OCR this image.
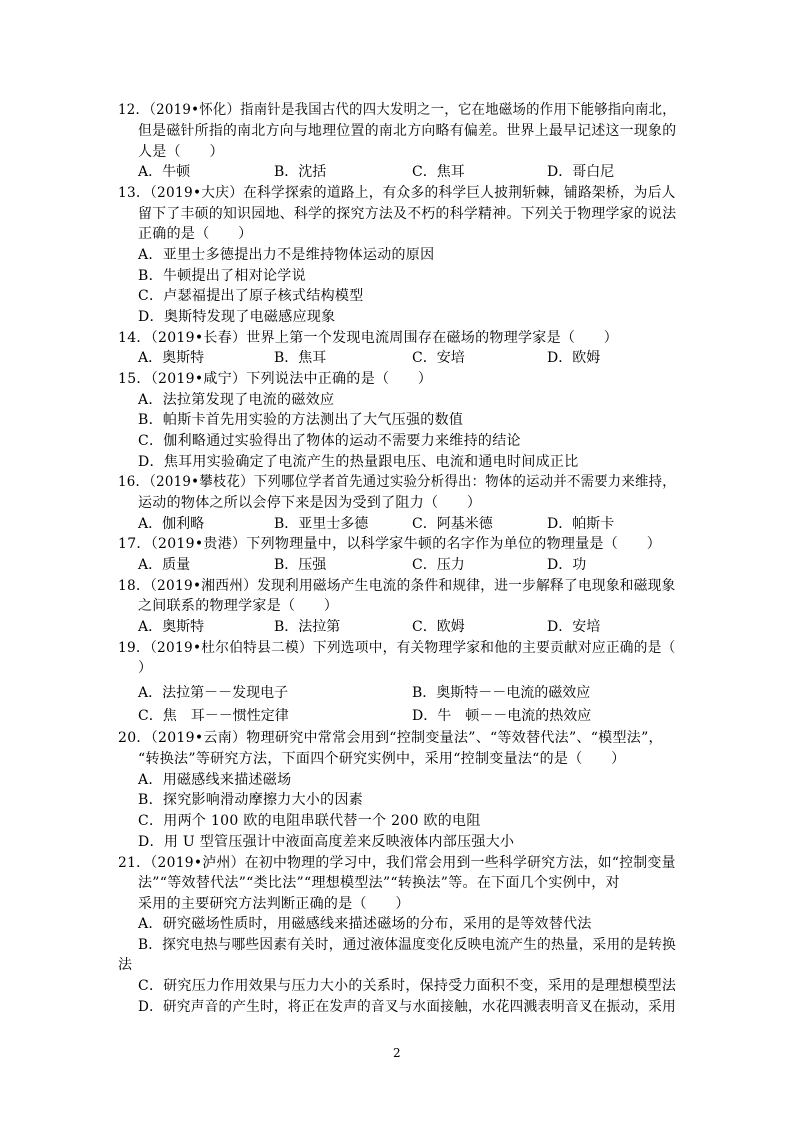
12．（2019•怀化）指南针是我国古代的四大发明之一，它在地磁场的作用下能够指向南北，
但是磁针所指的南北方向与地理位置的南北方向略有偏差。世界上最早记述这一现象的
人是（　　）
A．牛顿	B．沈括	C．焦耳	D．哥白尼
13．（2019•大庆）在科学探索的道路上，有众多的科学巨人披荆斩棘，铺路架桥，为后人
留下了丰硕的知识园地、科学的探究方法及不朽的科学精神。下列关于物理学家的说法
正确的是（　　）
A．亚里士多德提出力不是维持物体运动的原因
B．牛顿提出了相对论学说
C．卢瑟福提出了原子核式结构模型
D．奥斯特发现了电磁感应现象
14．（2019•长春）世界上第一个发现电流周围存在磁场的物理学家是（　　）
A．奥斯特	B．焦耳	C．安培	D．欧姆
15．（2019•咸宁）下列说法中正确的是（　　）
A．法拉第发现了电流的磁效应
B．帕斯卡首先用实验的方法测出了大气压强的数值
C．伽利略通过实验得出了物体的运动不需要力来维持的结论
D．焦耳用实验确定了电流产生的热量跟电压、电流和通电时间成正比
16．（2019•攀枝花）下列哪位学者首先通过实验分析得出：物体的运动并不需要力来维持，
运动的物体之所以会停下来是因为受到了阻力（　　）
A．伽利略	B．亚里士多德	C．阿基米德	D．帕斯卡
17．（2019•贵港）下列物理量中，以科学家牛顿的名字作为单位的物理量是（　　）
A．质量	B．压强	C．压力	D．功
18．（2019•湘西州）发现利用磁场产生电流的条件和规律，进一步解释了电现象和磁现象
之间联系的物理学家是（　　）
A．奥斯特	B．法拉第	C．欧姆	D．安培
19．（2019•杜尔伯特县二模）下列选项中，有关物理学家和他的主要贡献对应正确的是（
）
A．法拉第－－发现电子	B．奥斯特－－电流的磁效应
C．焦　耳－－惯性定律	D．牛　顿－－电流的热效应
20．（2019•云南）物理研究中常常会用到“控制变量法”、“等效替代法”、“模型法”，
“转换法”等研究方法，下面四个研究实例中，采用“控制变量法“的是（　　）
A．用磁感线来描述磁场
B．探究影响滑动摩擦力大小的因素
C．用两个 100 欧的电阻串联代替一个 200 欧的电阻
D．用 U 型管压强计中液面高度差来反映液体内部压强大小
21．（2019•泸州）在初中物理的学习中，我们常会用到一些科学研究方法，如“控制变量
法”“等效替代法”“类比法”“理想模型法”“转换法”等。在下面几个实例中，对
采用的主要研究方法判断正确的是（　　）
A．研究磁场性质时，用磁感线来描述磁场的分布，采用的是等效替代法
B．探究电热与哪些因素有关时，通过液体温度变化反映电流产生的热量，采用的是转换
法
C．研究压力作用效果与压力大小的关系时，保持受力面积不变，采用的是理想模型法
D．研究声音的产生时，将正在发声的音叉与水面接触，水花四溅表明音叉在振动，采用
2
